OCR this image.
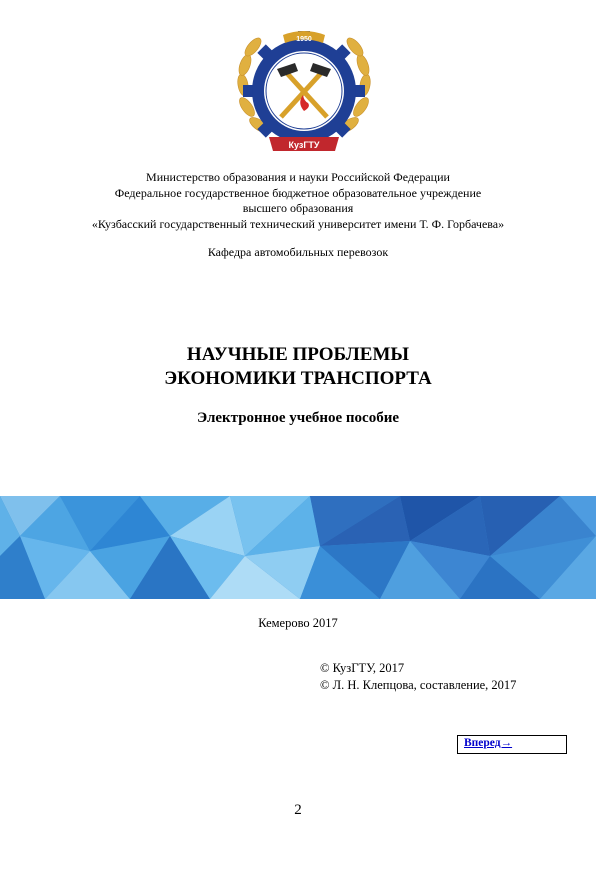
1950
КузГТУ
Министерство образования и науки Российской Федерации
Федеральное государственное бюджетное образовательное учреждение
высшего образования
«Кузбасский государственный технический университет имени Т. Ф. Горбачева»
Кафедра автомобильных перевозок
НАУЧНЫЕ ПРОБЛЕМЫ
ЭКОНОМИКИ ТРАНСПОРТА
Электронное учебное пособие
Кемерово 2017
© КузГТУ, 2017
© Л. Н. Клепцова, составление, 2017
Вперед→
2
